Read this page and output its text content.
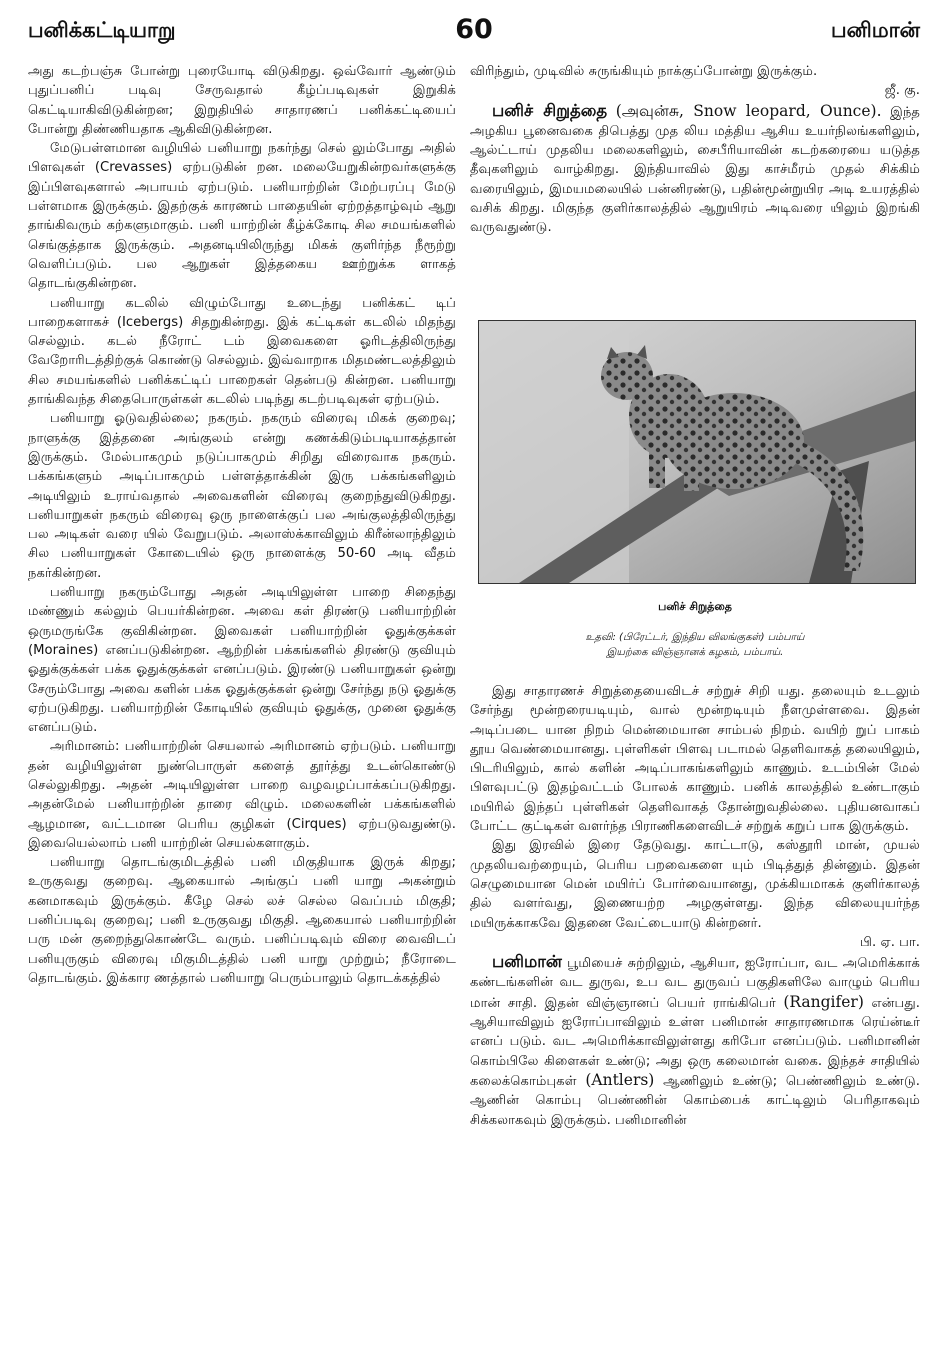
பனிக்கட்டியாறு	60	பனிமான்

அது கடற்பஞ்சு போன்று புரையோடி விடுகிறது. ஒவ்வோர் ஆண்டும் புதுப்பனிப் படிவு சேருவதால் கீழ்ப்படிவுகள் இறுகிக் கெட்டியாகிவிடுகின்றன; இறுதியில் சாதாரணப் பனிக்கட்டியைப் போன்று திண்ணியதாக ஆகிவிடுகின்றன.

மேடுபள்ளமான வழியில் பனியாறு நகர்ந்து செல் லும்போது அதில் பிளவுகள் (Crevasses) ஏற்படுகின் றன. மலையேறுகின்றவர்களுக்கு இப்பிளவுகளால் அபாயம் ஏற்படும். பனியாற்றின் மேற்பரப்பு மேடு பள்ளமாக இருக்கும். இதற்குக் காரணம் பாதையின் ஏற்றத்தாழ்வும் ஆறு தாங்கிவரும் கற்களுமாகும். பனி யாற்றின் கீழ்க்கோடி சில சமயங்களில் செங்குத்தாக இருக்கும். அதனடியிலிருந்து மிகக் குளிர்ந்த நீரூற்று வெளிப்படும். பல ஆறுகள் இத்தகைய ஊற்றுக்க ளாகத் தொடங்குகின்றன.

பனியாறு கடலில் விழும்போது உடைந்து பனிக்கட் டிப் பாறைகளாகச் (Icebergs) சிதறுகின்றது. இக் கட்டிகள் கடலில் மிதந்து செல்லும். கடல் நீரோட் டம் இவைகளை ஓரிடத்திலிருந்து வேறோரிடத்திற்குக் கொண்டு செல்லும். இவ்வாறாக மிதமண்டலத்திலும் சில சமயங்களில் பனிக்கட்டிப் பாறைகள் தென்படு கின்றன. பனியாறு தாங்கிவந்த சிதைபொருள்கள் கடலில் படிந்து கடற்படிவுகள் ஏற்படும்.

பனியாறு ஓடுவதில்லை; நகரும். நகரும் விரைவு மிகக் குறைவு; நாளுக்கு இத்தனை அங்குலம் என்று கணக்கிடும்படியாகத்தான் இருக்கும். மேல்பாகமும் நடுப்பாகமும் சிறிது விரைவாக நகரும். பக்கங்களும் அடிப்பாகமும் பள்ளத்தாக்கின் இரு பக்கங்களிலும் அடியிலும் உராய்வதால் அவைகளின் விரைவு குறைந்துவிடுகிறது. பனியாறுகள் நகரும் விரைவு ஒரு நாளைக்குப் பல அங்குலத்திலிருந்து பல அடிகள் வரை யில் வேறுபடும். அலாஸ்க்காவிலும் கிரீன்லாந்திலும் சில பனியாறுகள் கோடையில் ஒரு நாளைக்கு 50-60 அடி வீதம் நகர்கின்றன.

பனியாறு நகரும்போது அதன் அடியிலுள்ள பாறை சிதைந்து மண்ணும் கல்லும் பெயர்கின்றன. அவை கள் திரண்டு பனியாற்றின் ஒருமருங்கே குவிகின்றன. இவைகள் பனியாற்றின் ஓதுக்குக்கள் (Moraines) எனப்படுகின்றன. ஆற்றின் பக்கங்களில் திரண்டு குவியும் ஓதுக்குக்கள் பக்க ஓதுக்குக்கள் எனப்படும். இரண்டு பனியாறுகள் ஒன்று சேரும்போது அவை களின் பக்க ஓதுக்குக்கள் ஒன்று சேர்ந்து நடு ஓதுக்கு ஏற்படுகிறது. பனியாற்றின் கோடியில் குவியும் ஓதுக்கு, முனை ஓதுக்கு எனப்படும்.

அரிமானம்: பனியாற்றின் செயலால் அரிமானம் ஏற்படும். பனியாறு தன் வழியிலுள்ள நுண்பொருள் களைத் தூர்த்து உடன்கொண்டு செல்லுகிறது. அதன் அடியிலுள்ள பாறை வழவழப்பாக்கப்படுகிறது. அதன்மேல் பனியாற்றின் தாரை விழும். மலைகளின் பக்கங்களில் ஆழமான, வட்டமான பெரிய குழிகள் (Cirques) ஏற்படுவதுண்டு. இவையெல்லாம் பனி யாற்றின் செயல்களாகும்.

பனியாறு தொடங்குமிடத்தில் பனி மிகுதியாக இருக் கிறது; உருகுவது குறைவு. ஆகையால் அங்குப் பனி யாறு அகன்றும் கனமாகவும் இருக்கும். கீழே செல் லச் செல்ல வெப்பம் மிகுதி; பனிப்படிவு குறைவு; பனி உருகுவது மிகுதி. ஆகையால் பனியாற்றின் பரு மன் குறைந்துகொண்டே வரும். பனிப்படிவும் விரை வைவிடப் பனியுருகும் விரைவு மிகுமிடத்தில் பனி யாறு முற்றும்; நீரோடை தொடங்கும். இக்கார ணத்தால் பனியாறு பெரும்பாலும் தொடக்கத்தில்

விரிந்தும், முடிவில் சுருங்கியும் நாக்குப்போன்று இருக்கும்.

ஜீ. கு.

பனிச் சிறுத்தை (அவுன்சு, Snow leopard, Ounce). இந்த அழகிய பூனைவகை திபெத்து முத லிய மத்திய ஆசிய உயர்நிலங்களிலும், ஆல்ட்டாய் முதலிய மலைகளிலும், சைபீரியாவின் கடற்கரையை யடுத்த தீவுகளிலும் வாழ்கிறது. இந்தியாவில் இது காச்மீரம் முதல் சிக்கிம் வரையிலும், இமயமலையில் பன்னிரண்டு, பதின்மூன்றுயிர அடி உயரத்தில் வசிக் கிறது. மிகுந்த குளிர்காலத்தில் ஆறுயிரம் அடிவரை யிலும் இறங்கி வருவதுண்டு.

பனிச் சிறுத்தை
உதவி: (பிரேட்டர், இந்திய விலங்குகள்) பம்பாய்
இயற்கை விஞ்ஞானக் கழகம், பம்பாய்.

இது சாதாரணச் சிறுத்தையைவிடச் சற்றுச் சிறி யது. தலையும் உடலும் சேர்ந்து மூன்றரையடியும், வால் மூன்றடியும் நீளமுள்ளவை. இதன் அடிப்படை யான நிறம் மென்மையான சாம்பல் நிறம். வயிற் றுப் பாகம் தூய வெண்மையானது. புள்ளிகள் பிளவு படாமல் தெளிவாகத் தலையிலும், பிடரியிலும், கால் களின் அடிப்பாகங்களிலும் காணும். உடம்பின் மேல் பிளவுபட்டு இதழ்வட்டம் போலக் காணும். பனிக் காலத்தில் உண்டாகும் மயிரில் இந்தப் புள்ளிகள் தெளிவாகத் தோன்றுவதில்லை. புதியனவாகப் போட்ட குட்டிகள் வளர்ந்த பிராணிகளைவிடச் சற்றுக் கறுப் பாக இருக்கும்.

இது இரவில் இரை தேடுவது. காட்டாடு, கஸ்தூரி மான், முயல் முதலியவற்றையும், பெரிய பறவைகளை யும் பிடித்துத் தின்னும். இதன் செழுமையான மென் மயிர்ப் போர்வையானது, முக்கியமாகக் குளிர்காலத் தில் வளர்வது, இணையற்ற அழகுள்ளது. இந்த விலையுயர்ந்த மயிருக்காகவே இதனை வேட்டையாடு கின்றனர்.

பி. ஏ. பா.

பனிமான் பூமியைச் சுற்றிலும், ஆசியா, ஐரோப்பா, வட அமெரிக்காக் கண்டங்களின் வட துருவ, உப வட துருவப் பகுதிகளிலே வாழும் பெரிய மான் சாதி. இதன் விஞ்ஞானப் பெயர் ராங்கிபெர் (Rangifer) என்பது. ஆசியாவிலும் ஐரோப்பாவிலும் உள்ள பனிமான் சாதாரணமாக ரெய்ன்டீர் எனப் படும். வட அமெரிக்காவிலுள்ளது கரிபோ எனப்படும். பனிமானின் கொம்பிலே கிளைகள் உண்டு; அது ஒரு கலைமான் வகை. இந்தச் சாதியில் கலைக்கொம்புகள் (Antlers) ஆணிலும் உண்டு; பெண்ணிலும் உண்டு. ஆணின் கொம்பு பெண்ணின் கொம்பைக் காட்டிலும் பெரிதாகவும் சிக்கலாகவும் இருக்கும். பனிமானின்
